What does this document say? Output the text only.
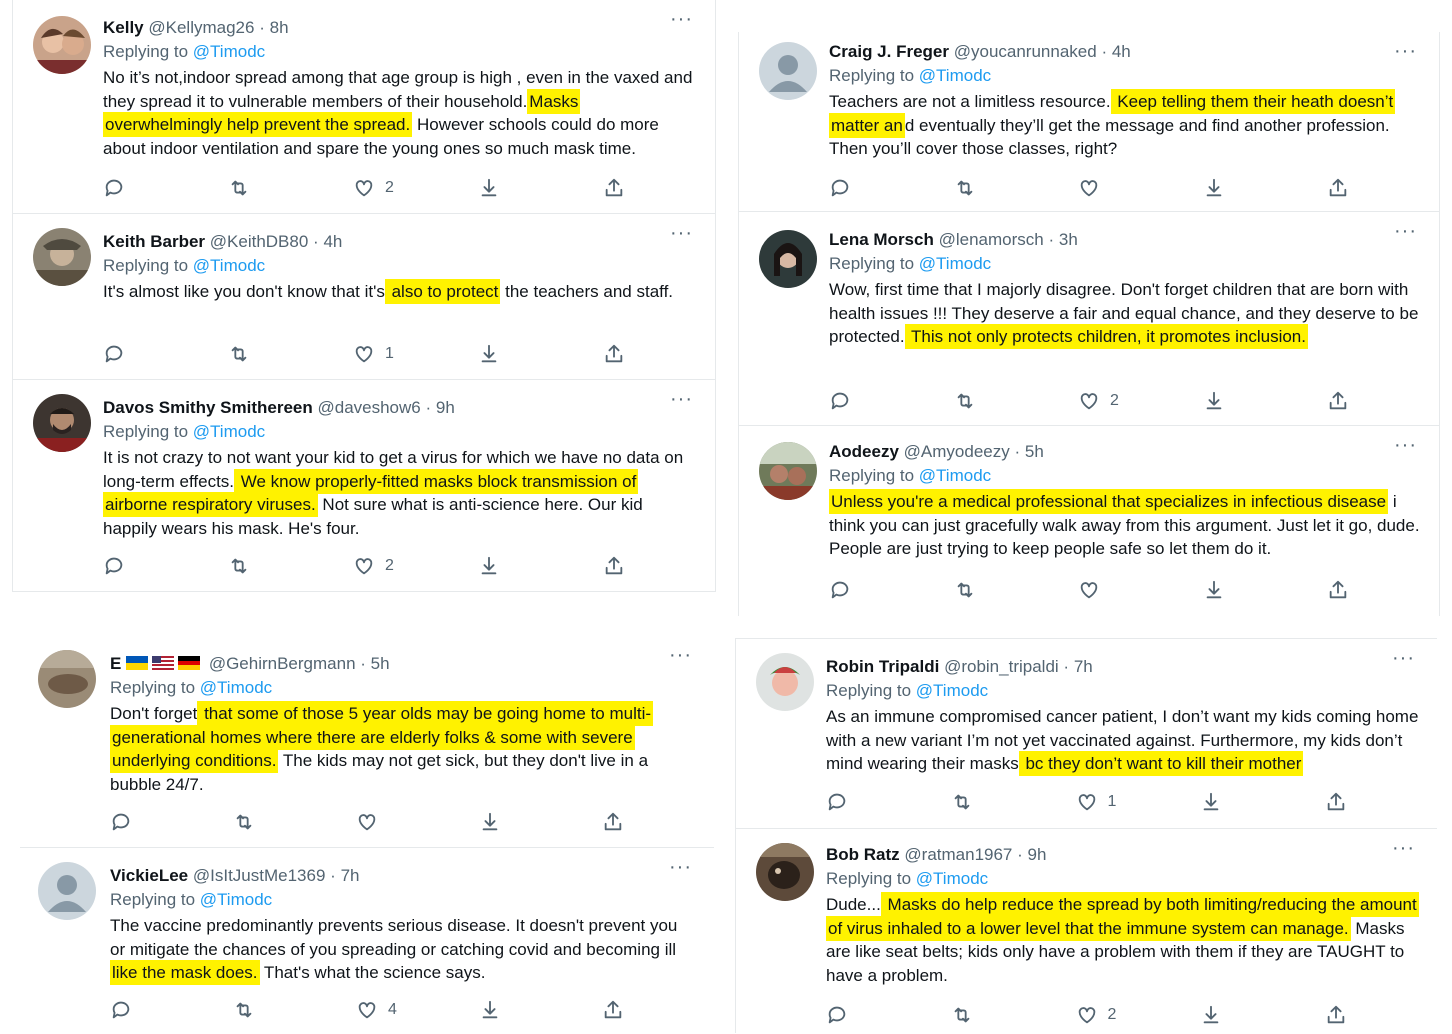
Kelly @Kellymag26 · 8h
Replying to @Timodc
No it’s not,indoor spread among that age group is high , even in the vaxed and they spread it to vulnerable members of their household. Masks overwhelmingly help prevent the spread. However schools could do more about indoor ventilation and spare the young ones so much mask time.
···
2
Keith Barber @KeithDB80 · 4h
Replying to @Timodc
It's almost like you don't know that it's also to protect the teachers and staff.
···
1
Davos Smithy Smithereen @daveshow6 · 9h
Replying to @Timodc
It is not crazy to not want your kid to get a virus for which we have no data on long-term effects. We know properly-fitted masks block transmission of airborne respiratory viruses. Not sure what is anti-science here. Our kid happily wears his mask. He's four.
···
2
Craig J. Freger @youcanrunnaked · 4h
Replying to @Timodc
Teachers are not a limitless resource. Keep telling them their heath doesn’t matter an d eventually they’ll get the message and find another profession. Then you’ll cover those classes, right?
···
Lena Morsch @lenamorsch · 3h
Replying to @Timodc
Wow, first time that I majorly disagree. Don't forget children that are born with health issues !!! They deserve a fair and equal chance, and they deserve to be protected. This not only protects children, it promotes inclusion.
···
2
Aodeezy @Amyodeezy · 5h
Replying to @Timodc
Unless you're a medical professional that specializes in infectious disease i think you can just gracefully walk away from this argument. Just let it go, dude. People are just trying to keep people safe so let them do it.
···
E	@GehirnBergmann · 5h
Replying to @Timodc
Don't forget that some of those 5 year olds may be going home to multi-generational homes where there are elderly folks & some with severe underlying conditions. The kids may not get sick, but they don't live in a bubble 24/7.
···
VickieLee @IsItJustMe1369 · 7h
Replying to @Timodc
The vaccine predominantly prevents serious disease. It doesn't prevent you or mitigate the chances of you spreading or catching covid and becoming ill like the mask does. That's what the science says.
···
4
Robin Tripaldi @robin_tripaldi · 7h
Replying to @Timodc
As an immune compromised cancer patient, I don’t want my kids coming home with a new variant I’m not yet vaccinated against. Furthermore, my kids don’t mind wearing their masks bc they don’t want to kill their mother
···
1
Bob Ratz @ratman1967 · 9h
Replying to @Timodc
Dude... Masks do help reduce the spread by both limiting/reducing the amount of virus inhaled to a lower level that the immune system can manage. Masks are like seat belts; kids only have a problem with them if they are TAUGHT to have a problem.
···
2
